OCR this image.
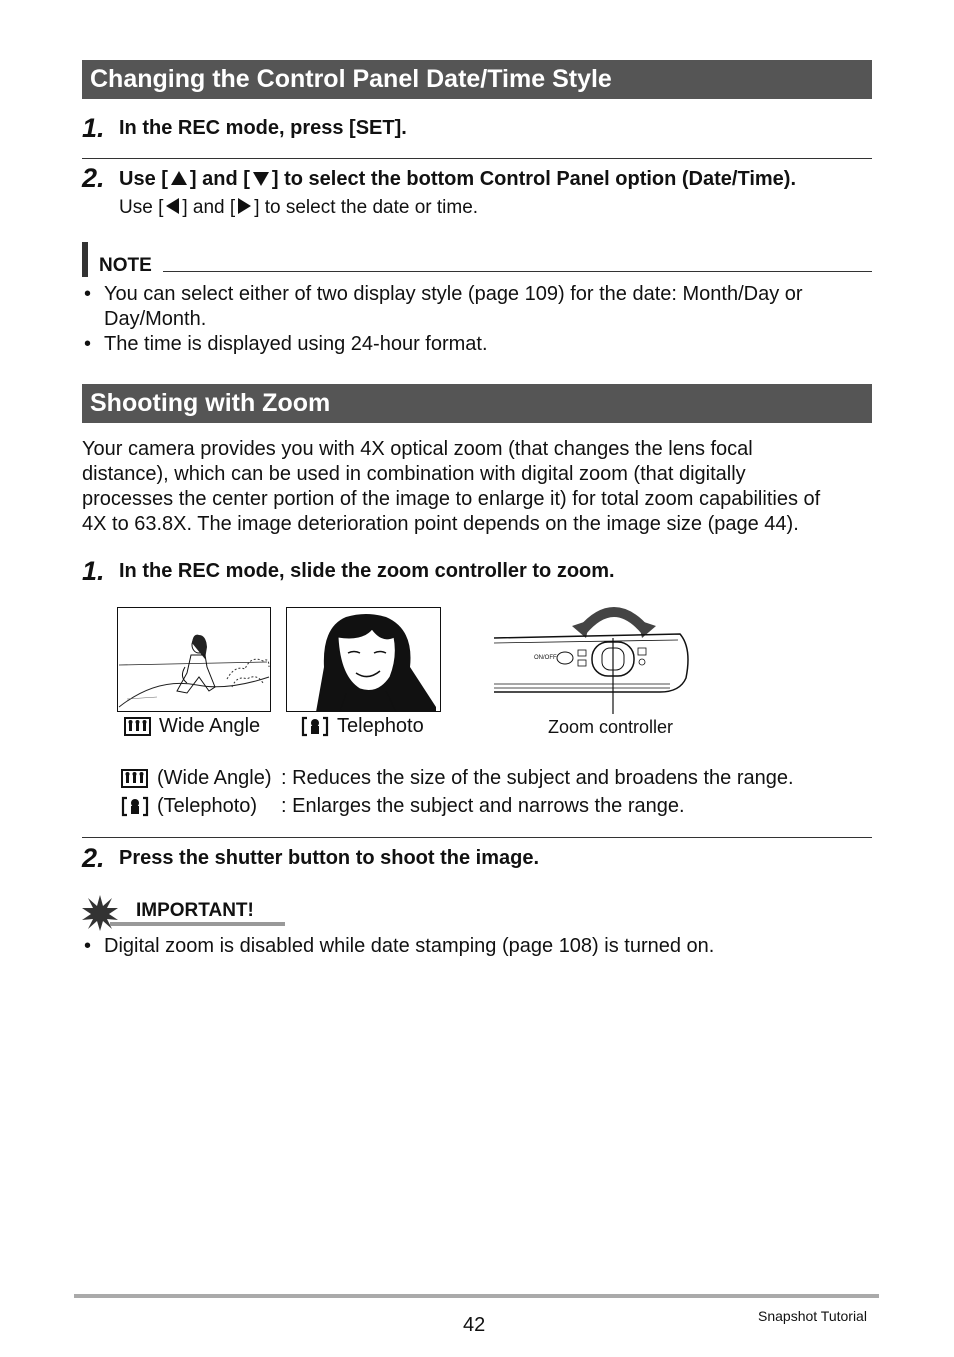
Changing the Control Panel Date/Time Style
1. In the REC mode, press [SET].
2. Use [ ] and [ ] to select the bottom Control Panel option (Date/Time).
Use [ ] and [ ] to select the date or time.
NOTE
• You can select either of two display style (page 109) for the date: Month/Day or
Day/Month.
• The time is displayed using 24-hour format.
Shooting with Zoom
Your camera provides you with 4X optical zoom (that changes the lens focal
distance), which can be used in combination with digital zoom (that digitally
processes the center portion of the image to enlarge it) for total zoom capabilities of
4X to 63.8X. The image deterioration point depends on the image size (page 44).
1. In the REC mode, slide the zoom controller to zoom.
ON/OFF
Wide Angle	Telephoto	Zoom controller
(Wide Angle) : Reduces the size of the subject and broadens the range.
(Telephoto) : Enlarges the subject and narrows the range.
2. Press the shutter button to shoot the image.
IMPORTANT!
• Digital zoom is disabled while date stamping (page 108) is turned on.
42	Snapshot Tutorial
